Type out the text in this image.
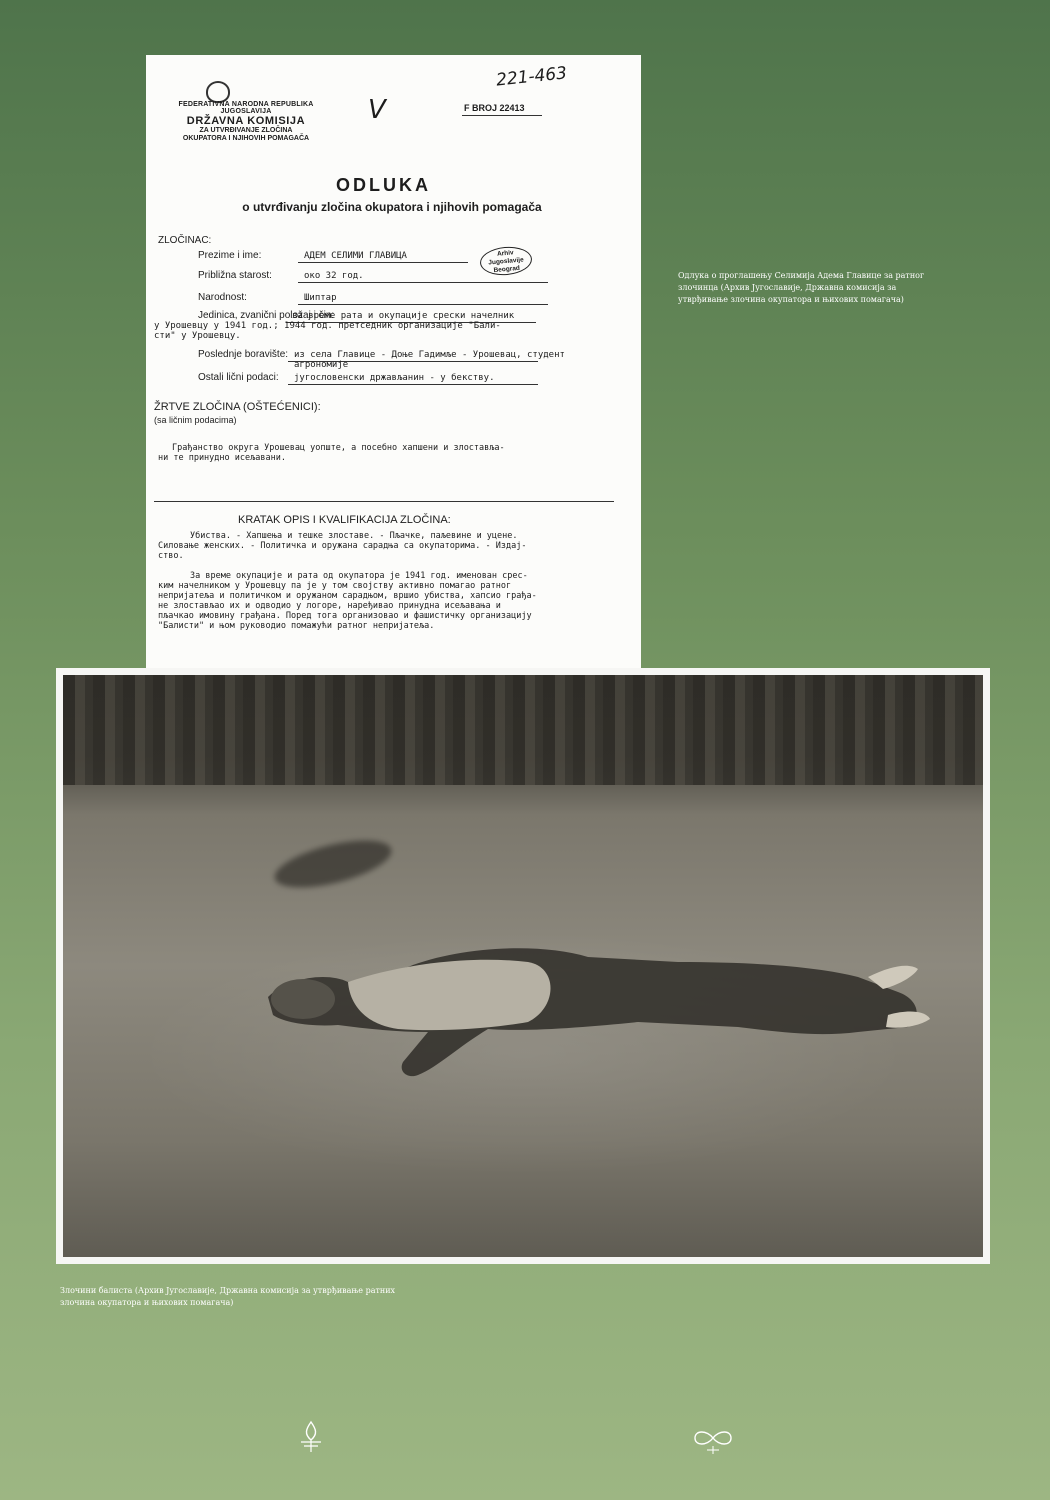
221-463
V
FEDERATIVNA NARODNA REPUBLIKA JUGOSLAVIJA
DRŽAVNA KOMISIJA
ZA UTVRĐIVANJE ZLOČINA
OKUPATORA I NJIHOVIH POMAGAČA
F BROJ 22413
ODLUKA
o utvrđivanju zločina okupatora i njihovih pomagača
ZLOČINAC:
Arhiv
Jugoslavije
Beograd
Prezime i ime:	АДЕМ СЕЛИМИ ГЛАВИЦА
Približna starost:	око 32 год.
Narodnost:	Шиптар
Jedinica, zvanični položaj i čin:
за време рата и окупације срески начелник
у Урошевцу у 1941 год.; 1944 год. претседник организације "Бали-
сти" у Урошевцу.
Poslednje boravište: из села Главице - Доње Гадимље - Урошевац, студент
агрономије
Ostali lični podaci: југословенски држављанин - у бекству.
ŽRTVE ZLOČINA (OŠTEĆENICI):
(sa ličnim podacima)
Грађанство округа Урошевац уопште, а посебно хапшени и злоставља-
ни те принудно исељавани.
KRATAK OPIS I KVALIFIKACIJA ZLOČINA:
Убиства. - Хапшења и тешке злоставе. - Пљачке, паљевине и уцене.
Силовање женских. - Политичка и оружана сарадња са окупаторима. - Издај-
ство.
За време окупације и рата од окупатора је 1941 год. именован срес-
ким начелником у Урошевцу па је у том својству активно помагао ратног
непријатеља и политичком и оружаном сарадњом, вршио убиства, хапсио грађа-
не злостављао их и одводио у логоре, наређивао принудна исељавања и
пљачкао имовину грађана. Поред тога организовао и фашистичку организацију
"Балисти" и њом руководио помажући ратног непријатеља.
Одлука о проглашењу Селимија Адема Главице за ратног злочинца (Архив Југославије, Државна комисија за утврђивање злочина окупатора и њихових помагача)
Злочини балиста (Архив Југославије, Државна комисија за утврђивање ратних злочина окупатора и њихових помагача)
